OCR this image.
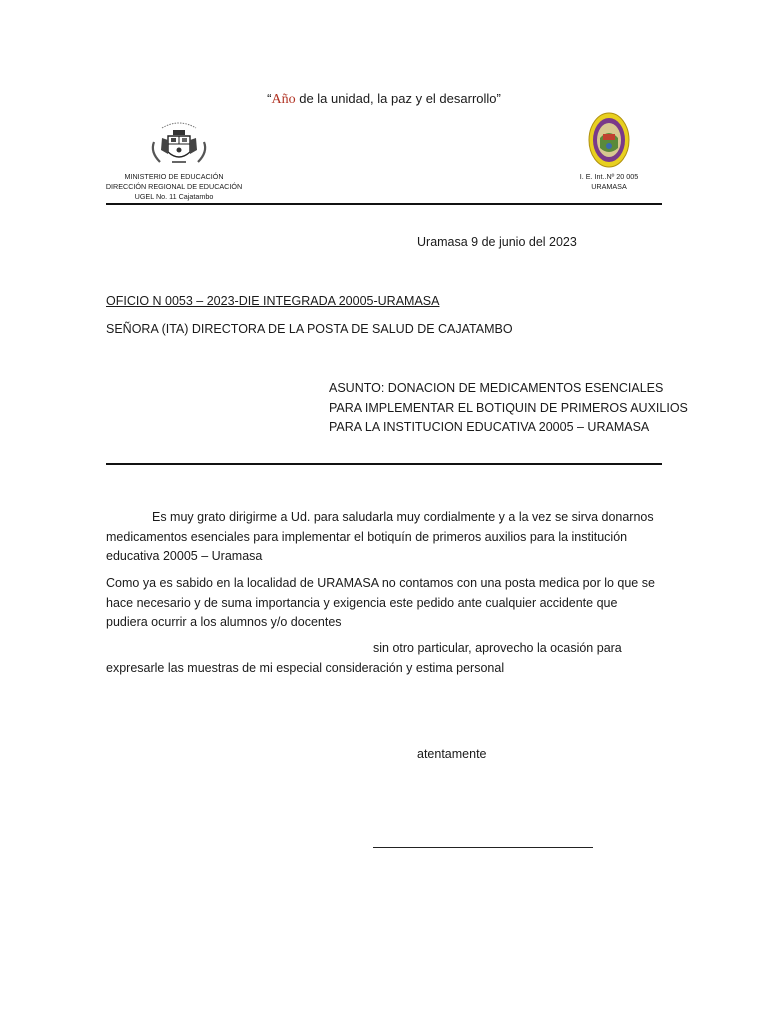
“Año de la unidad, la paz y el desarrollo”
MINISTERIO DE EDUCACIÓN
DIRECCIÓN REGIONAL DE EDUCACIÓN
UGEL No. 11 Cajatambo
I. E. Int..Nº 20 005
URAMASA
Uramasa 9 de junio del 2023
OFICIO N 0053 – 2023-DIE INTEGRADA 20005-URAMASA
SEÑORA (ITA) DIRECTORA DE LA POSTA DE SALUD DE CAJATAMBO
ASUNTO: DONACION DE MEDICAMENTOS ESENCIALES
PARA IMPLEMENTAR EL BOTIQUIN DE PRIMEROS AUXILIOS
PARA LA INSTITUCION EDUCATIVA 20005 – URAMASA
Es muy grato dirigirme a Ud. para saludarla muy cordialmente y a la vez se sirva donarnos
medicamentos esenciales para implementar el botiquín de primeros auxilios para la institución
educativa 20005 – Uramasa
Como ya es sabido en la localidad de URAMASA no contamos con una posta medica por lo que se
hace necesario y de suma importancia y exigencia este pedido ante cualquier accidente que
pudiera ocurrir a los alumnos y/o docentes
sin otro particular, aprovecho la ocasión para
expresarle las muestras de mi especial consideración y estima personal
atentamente
